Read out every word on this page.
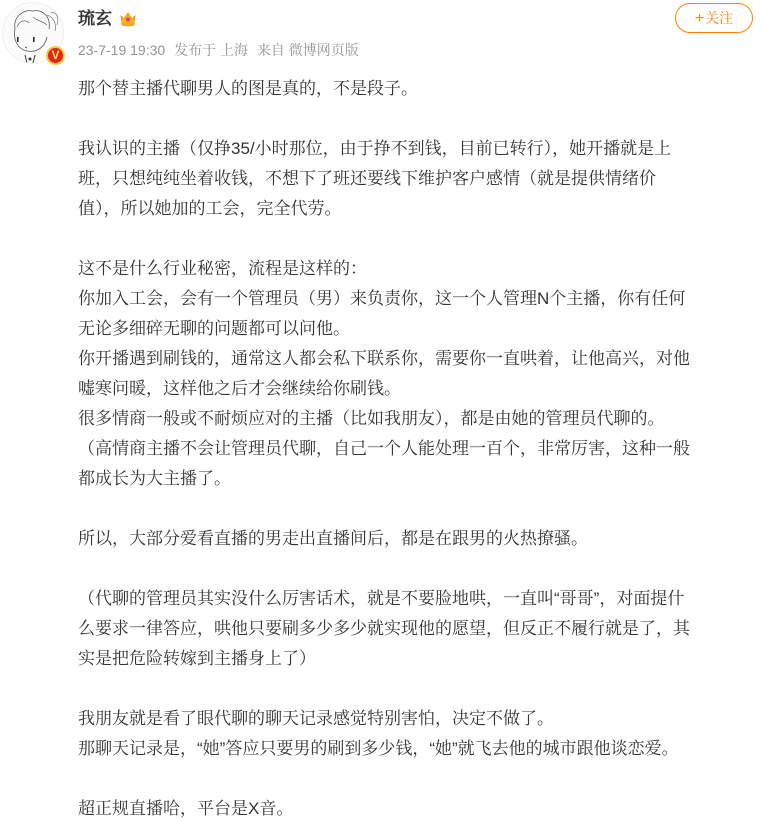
V
琉玄
23-7-19 19:30 发布于 上海 来自 微博网页版
+关注

那个替主播代聊男人的图是真的，不是段子。

我认识的主播（仅挣35/小时那位，由于挣不到钱，目前已转行），她开播就是上

班，只想纯纯坐着收钱，不想下了班还要线下维护客户感情（就是提供情绪价

值），所以她加的工会，完全代劳。

这不是什么行业秘密，流程是这样的：

你加入工会，会有一个管理员（男）来负责你，这一个人管理N个主播，你有任何

无论多细碎无聊的问题都可以问他。

你开播遇到刷钱的，通常这人都会私下联系你，需要你一直哄着，让他高兴，对他

嘘寒问暖，这样他之后才会继续给你刷钱。

很多情商一般或不耐烦应对的主播（比如我朋友），都是由她的管理员代聊的。

（高情商主播不会让管理员代聊，自己一个人能处理一百个，非常厉害，这种一般

都成长为大主播了。

所以，大部分爱看直播的男走出直播间后，都是在跟男的火热撩骚。

（代聊的管理员其实没什么厉害话术，就是不要脸地哄，一直叫“哥哥”，对面提什

么要求一律答应，哄他只要刷多少多少就实现他的愿望，但反正不履行就是了，其

实是把危险转嫁到主播身上了）

我朋友就是看了眼代聊的聊天记录感觉特别害怕，决定不做了。

那聊天记录是，“她”答应只要男的刷到多少钱，“她”就飞去他的城市跟他谈恋爱。

超正规直播哈，平台是X音。
